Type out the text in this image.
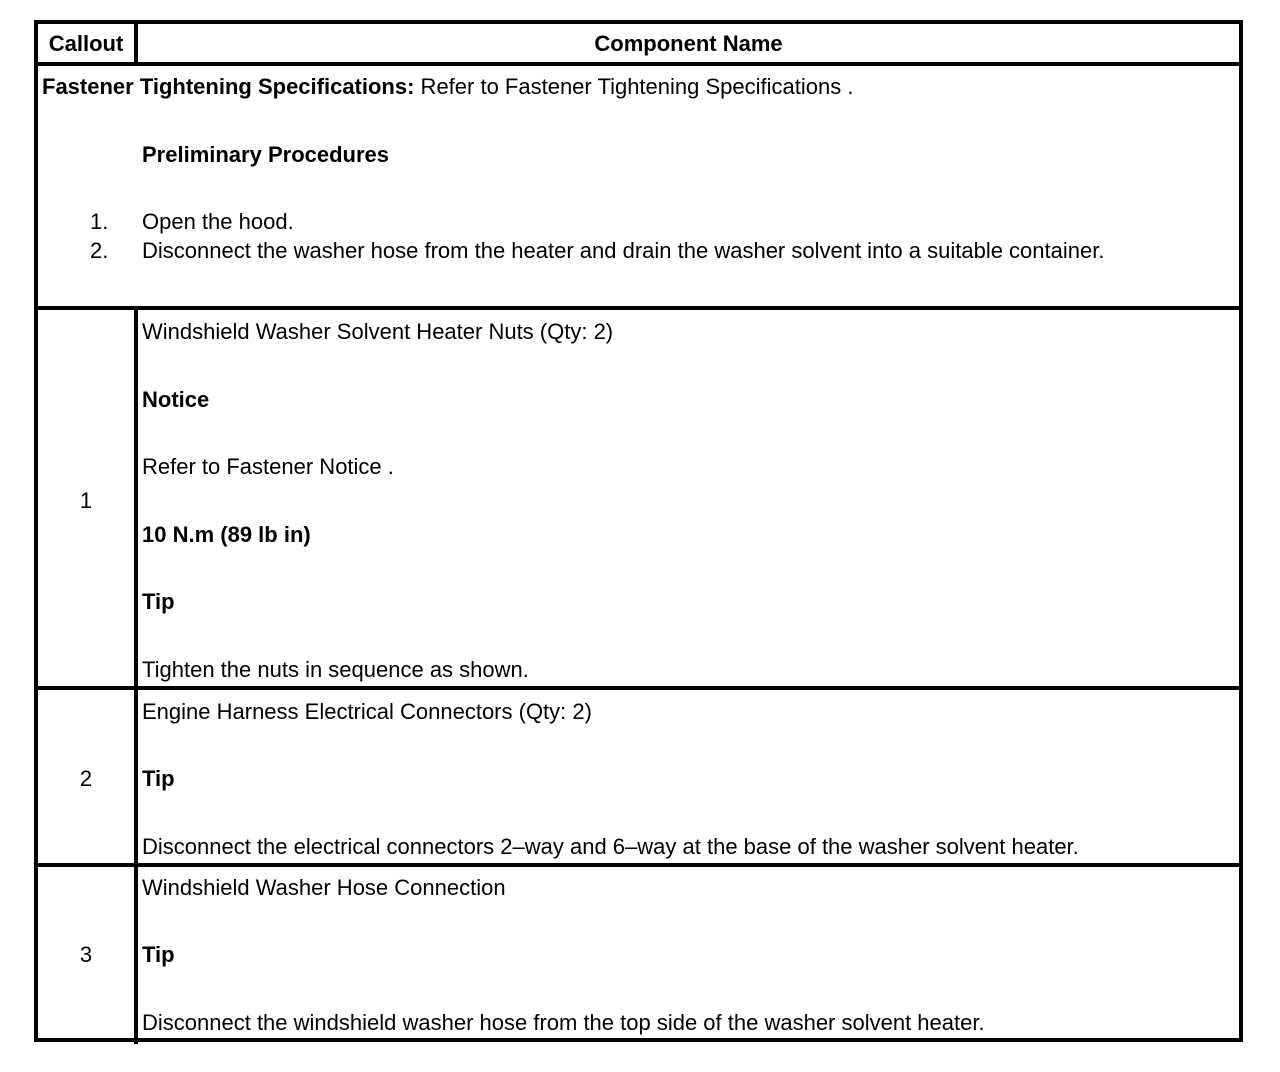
Callout	Component Name
Fastener Tightening Specifications: Refer to Fastener Tightening Specifications .
Preliminary Procedures
1. Open the hood.
2. Disconnect the washer hose from the heater and drain the washer solvent into a suitable container.
1
Windshield Washer Solvent Heater Nuts (Qty: 2)
Notice
Refer to Fastener Notice .
10 N.m (89 lb in)
Tip
Tighten the nuts in sequence as shown.
2
Engine Harness Electrical Connectors (Qty: 2)
Tip
Disconnect the electrical connectors 2–way and 6–way at the base of the washer solvent heater.
3
Windshield Washer Hose Connection
Tip
Disconnect the windshield washer hose from the top side of the washer solvent heater.
